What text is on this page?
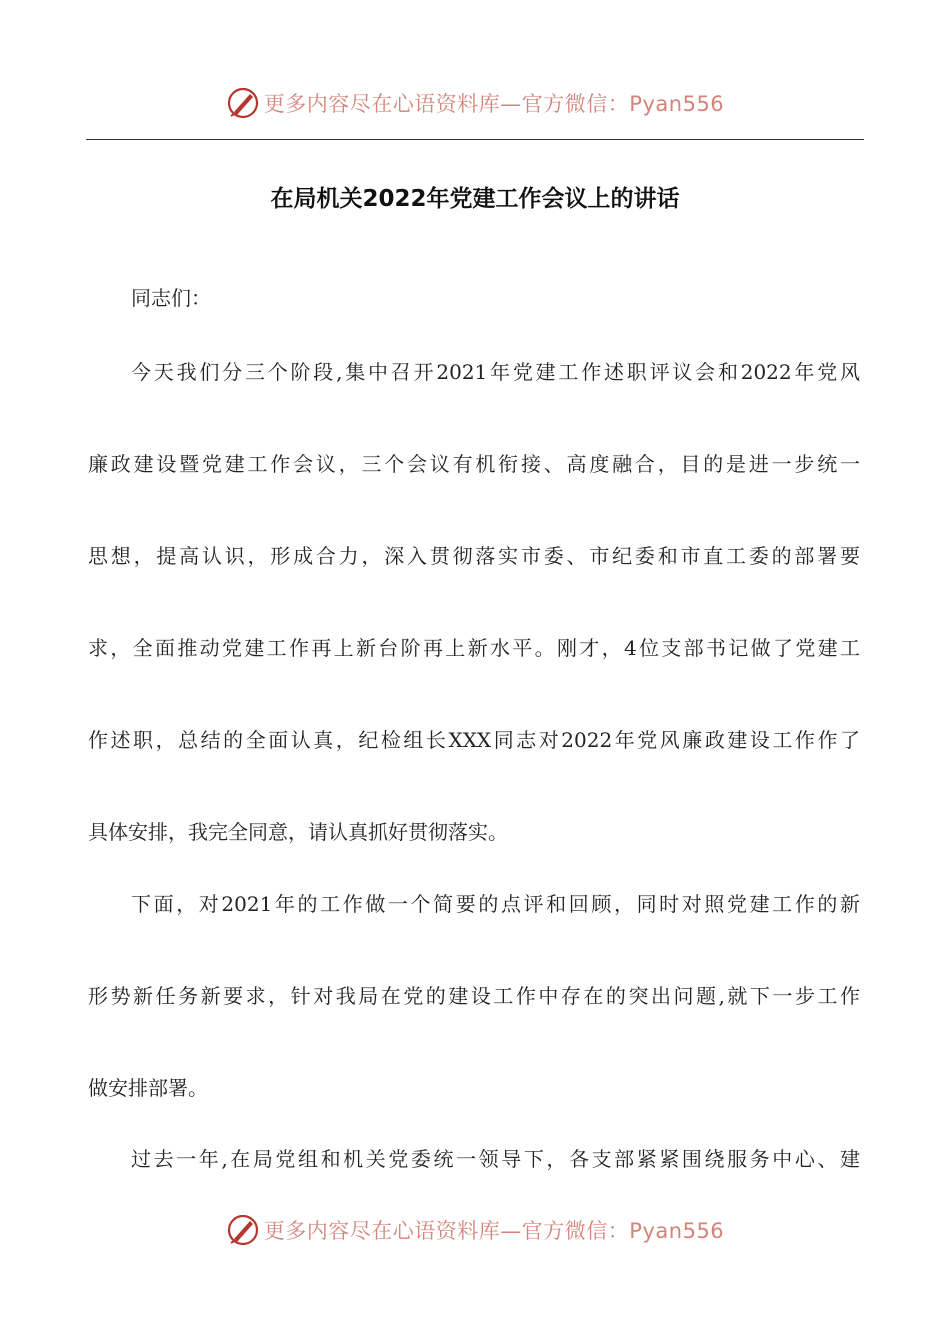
更多内容尽在心语资料库—官方微信：Pyan556
在局机关2022年党建工作会议上的讲话
同志们：
今天我们分三个阶段,集中召开2021年党建工作述职评议会和2022年党风
廉政建设暨党建工作会议，三个会议有机衔接、高度融合，目的是进一步统一
思想，提高认识，形成合力，深入贯彻落实市委、市纪委和市直工委的部署要
求，全面推动党建工作再上新台阶再上新水平。刚才，4位支部书记做了党建工
作述职，总结的全面认真，纪检组长XXX同志对2022年党风廉政建设工作作了
具体安排，我完全同意，请认真抓好贯彻落实。
下面，对2021年的工作做一个简要的点评和回顾，同时对照党建工作的新
形势新任务新要求，针对我局在党的建设工作中存在的突出问题,就下一步工作
做安排部署。
过去一年,在局党组和机关党委统一领导下，各支部紧紧围绕服务中心、建
更多内容尽在心语资料库—官方微信：Pyan556
